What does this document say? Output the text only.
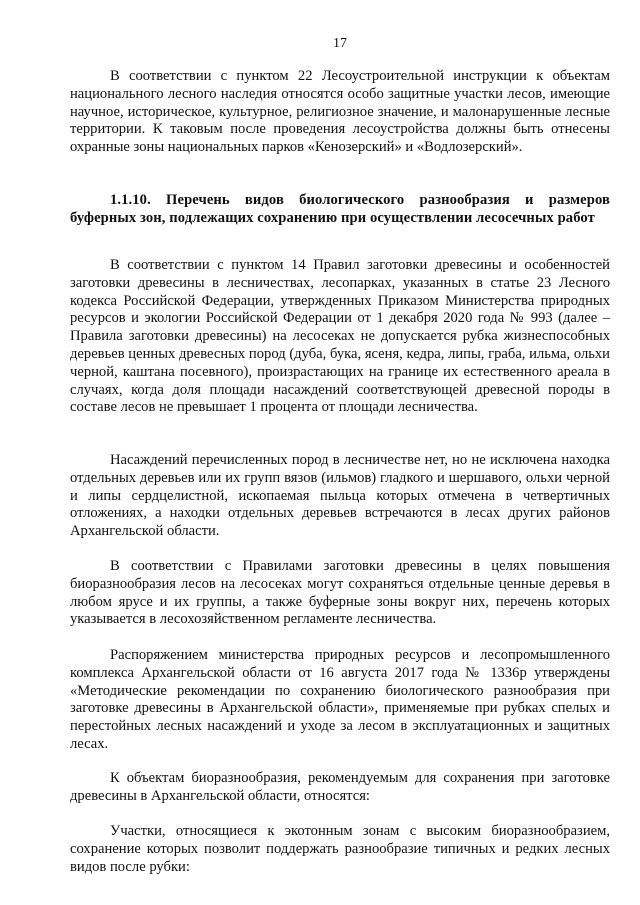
17

В соответствии с пунктом 22 Лесоустроительной инструкции к объектам национального лесного наследия относятся особо защитные участки лесов, имеющие научное, историческое, культурное, религиозное значение, и малонарушенные лесные территории. К таковым после проведения лесоустройства должны быть отнесены охранные зоны национальных парков «Кенозерский» и «Водлозерский».

1.1.10. Перечень видов биологического разнообразия и размеров буферных зон, подлежащих сохранению при осуществлении лесосечных работ

В соответствии с пунктом 14 Правил заготовки древесины и особенностей заготовки древесины в лесничествах, лесопарках, указанных в статье 23 Лесного кодекса Российской Федерации, утвержденных Приказом Министерства природных ресурсов и экологии Российской Федерации от 1 декабря 2020 года № 993 (далее – Правила заготовки древесины) на лесосеках не допускается рубка жизнеспособных деревьев ценных древесных пород (дуба, бука, ясеня, кедра, липы, граба, ильма, ольхи черной, каштана посевного), произрастающих на границе их естественного ареала в случаях, когда доля площади насаждений соответствующей древесной породы в составе лесов не превышает 1 процента от площади лесничества.

Насаждений перечисленных пород в лесничестве нет, но не исключена находка отдельных деревьев или их групп вязов (ильмов) гладкого и шершавого, ольхи черной и липы сердцелистной, ископаемая пыльца которых отмечена в четвертичных отложениях, а находки отдельных деревьев встречаются в лесах других районов Архангельской области.

В соответствии с Правилами заготовки древесины в целях повышения биоразнообразия лесов на лесосеках могут сохраняться отдельные ценные деревья в любом ярусе и их группы, а также буферные зоны вокруг них, перечень которых указывается в лесохозяйственном регламенте лесничества.

Распоряжением министерства природных ресурсов и лесопромышленного комплекса Архангельской области от 16 августа 2017 года № 1336р утверждены «Методические рекомендации по сохранению биологического разнообразия при заготовке древесины в Архангельской области», применяемые при рубках спелых и перестойных лесных насаждений и уходе за лесом в эксплуатационных и защитных лесах.

К объектам биоразнообразия, рекомендуемым для сохранения при заготовке древесины в Архангельской области, относятся:

Участки, относящиеся к экотонным зонам с высоким биоразнообразием, сохранение которых позволит поддержать разнообразие типичных и редких лесных видов после рубки:
